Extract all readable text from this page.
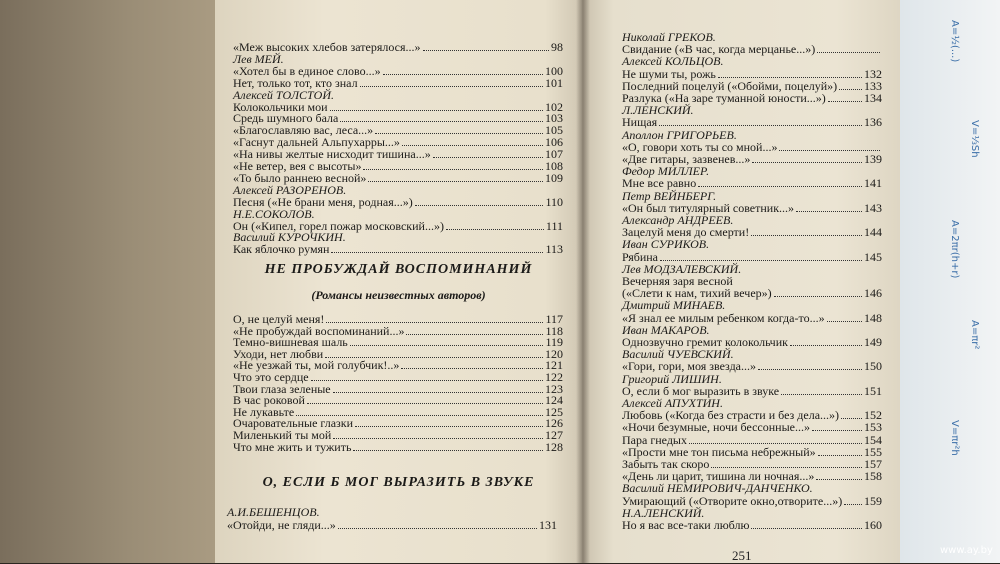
«Меж высоких хлебов затерялося...»	98
Лев МЕЙ.
«Хотел бы в единое слово...»	100
Нет, только тот, кто знал	101
Алексей ТОЛСТОЙ.
Колокольчики мои	102
Средь шумного бала	103
«Благославляю вас, леса...»	105
«Гаснут дальней Альпухарры...»	106
«На нивы желтые нисходит тишина...»	107
«Не ветер, вея с высоты»	108
«То было раннею весной»	109
Алексей РАЗОРЕНОВ.
Песня («Не брани меня, родная...»)	110
Н.Е.СОКОЛОВ.
Он («Кипел, горел пожар московский...»)	111
Василий КУРОЧКИН.
Как яблочко румян	113
НЕ ПРОБУЖДАЙ ВОСПОМИНАНИЙ
(Романсы неизвестных авторов)
О, не целуй меня!	117
«Не пробуждай воспоминаний...»	118
Темно-вишневая шаль	119
Уходи, нет любви	120
«Не уезжай ты, мой голубчик!..»	121
Что это сердце	122
Твои глаза зеленые	123
В час роковой	124
Не лукавьте	125
Очаровательные глазки	126
Миленький ты мой	127
Что мне жить и тужить	128
О, ЕСЛИ Б МОГ ВЫРАЗИТЬ В ЗВУКЕ
А.И.БЕШЕНЦОВ.
«Отойди, не гляди...»	131
Николай ГРЕКОВ.
Свидание («В час, когда мерцанье...»)
Алексей КОЛЬЦОВ.
Не шуми ты, рожь	132
Последний поцелуй («Обойми, поцелуй») 133
Разлука («На заре туманной юности...»)	134
Л.ЛЕНСКИЙ.
Нищая	136
Аполлон ГРИГОРЬЕВ.
«О, говори хоть ты со мной...»
«Две гитары, зазвенев...»	139
Федор МИЛЛЕР.
Мне все равно	141
Петр ВЕЙНБЕРГ.
«Он был титулярный советник...»	143
Александр АНДРЕЕВ.
Зацелуй меня до смерти!	144
Иван СУРИКОВ.
Рябина	145
Лев МОДЗАЛЕВСКИЙ.
Вечерняя заря весной
(«Слети к нам, тихий вечер»)	146
Дмитрий МИНАЕВ.
«Я знал ее милым ребенком когда-то...»	148
Иван МАКАРОВ.
Однозвучно гремит колокольчик	149
Василий ЧУЕВСКИЙ.
«Гори, гори, моя звезда...»	150
Григорий ЛИШИН.
О, если б мог выразить в звуке	151
Алексей АПУХТИН.
Любовь («Когда без страсти и без дела...») 152
«Ночи безумные, ночи бессонные...»	153
Пара гнедых	154
«Прости мне тон письма небрежный»	155
Забыть так скоро	157
«День ли царит, тишина ли ночная...»	158
Василий НЕМИРОВИЧ-ДАНЧЕНКО.
Умирающий («Отворите окно,отворите...») 159
Н.А.ЛЕНСКИЙ.
Но я вас все-таки люблю	160
251
A=½(...)
V=⅓Sh
A=2πr(h+r)
A=πr²
V=πr²h
www.ay.by
